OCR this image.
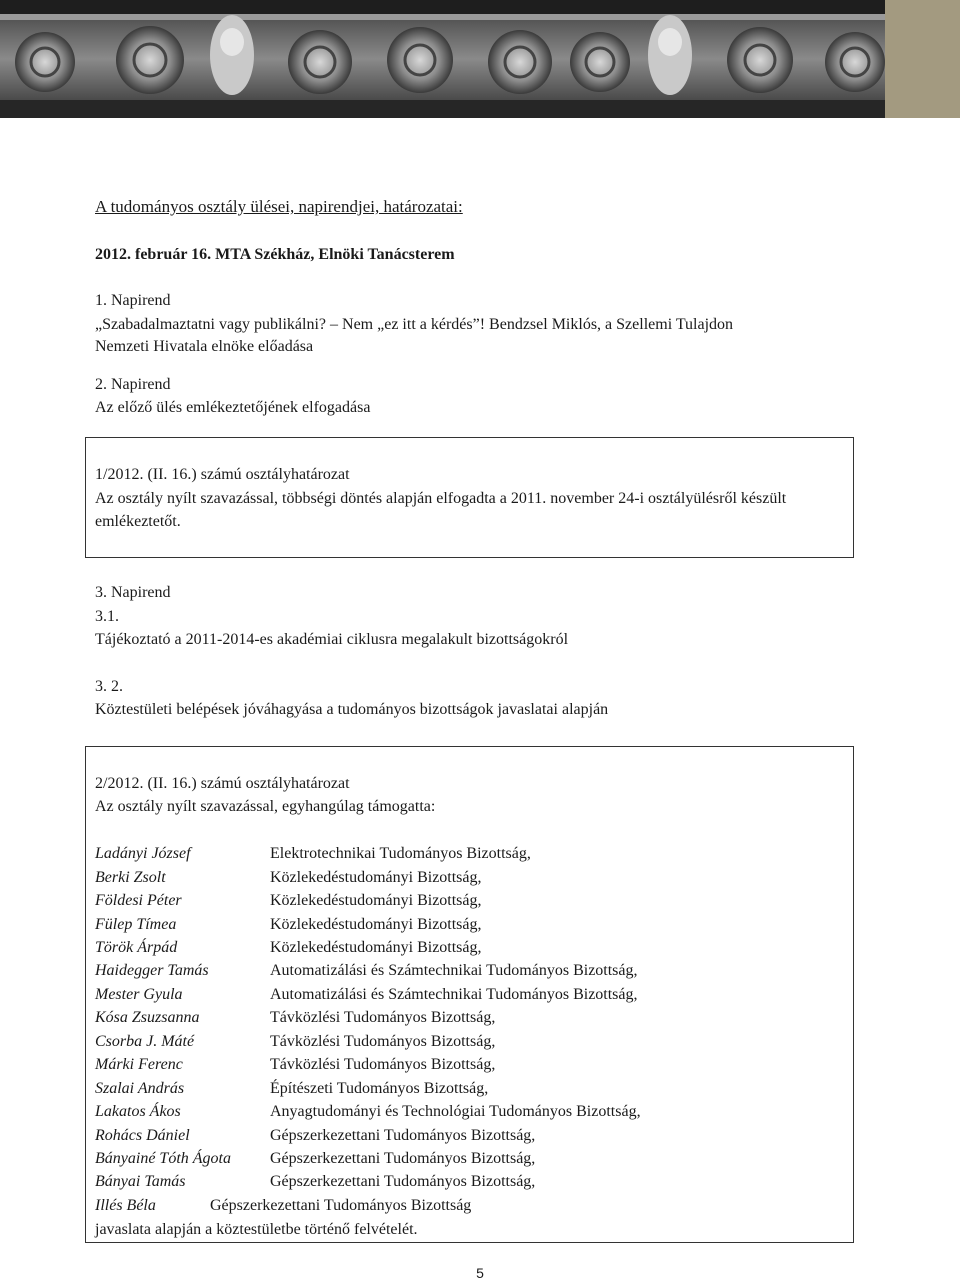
A tudományos osztály ülései, napirendjei, határozatai:
2012. február 16. MTA Székház, Elnöki Tanácsterem
1. Napirend
„Szabadalmaztatni vagy publikálni? – Nem „ez itt a kérdés”! Bendzsel Miklós, a Szellemi Tulajdon
Nemzeti Hivatala elnöke előadása
2. Napirend
Az előző ülés emlékeztetőjének elfogadása
1/2012. (II. 16.) számú osztályhatározat
Az osztály nyílt szavazással, többségi döntés alapján elfogadta a 2011. november 24-i osztályülésről készült
emlékeztetőt.
3. Napirend
3.1.
Tájékoztató a 2011-2014-es akadémiai ciklusra megalakult bizottságokról
3. 2.
Köztestületi belépések jóváhagyása a tudományos bizottságok javaslatai alapján
2/2012. (II. 16.) számú osztályhatározat
Az osztály nyílt szavazással, egyhangúlag támogatta:
Ladányi József	Elektrotechnikai Tudományos Bizottság,
Berki Zsolt	Közlekedéstudományi Bizottság,
Földesi Péter	Közlekedéstudományi Bizottság,
Fülep Tímea	Közlekedéstudományi Bizottság,
Török Árpád	Közlekedéstudományi Bizottság,
Haidegger Tamás	Automatizálási és Számtechnikai Tudományos Bizottság,
Mester Gyula	Automatizálási és Számtechnikai Tudományos Bizottság,
Kósa Zsuzsanna	Távközlési Tudományos Bizottság,
Csorba J. Máté	Távközlési Tudományos Bizottság,
Márki Ferenc	Távközlési Tudományos Bizottság,
Szalai András	Építészeti Tudományos Bizottság,
Lakatos Ákos	Anyagtudományi és Technológiai Tudományos Bizottság,
Rohács Dániel	Gépszerkezettani Tudományos Bizottság,
Bányainé Tóth Ágota Gépszerkezettani Tudományos Bizottság,
Bányai Tamás	Gépszerkezettani Tudományos Bizottság,
Illés Béla	Gépszerkezettani Tudományos Bizottság
javaslata alapján a köztestületbe történő felvételét.
5
